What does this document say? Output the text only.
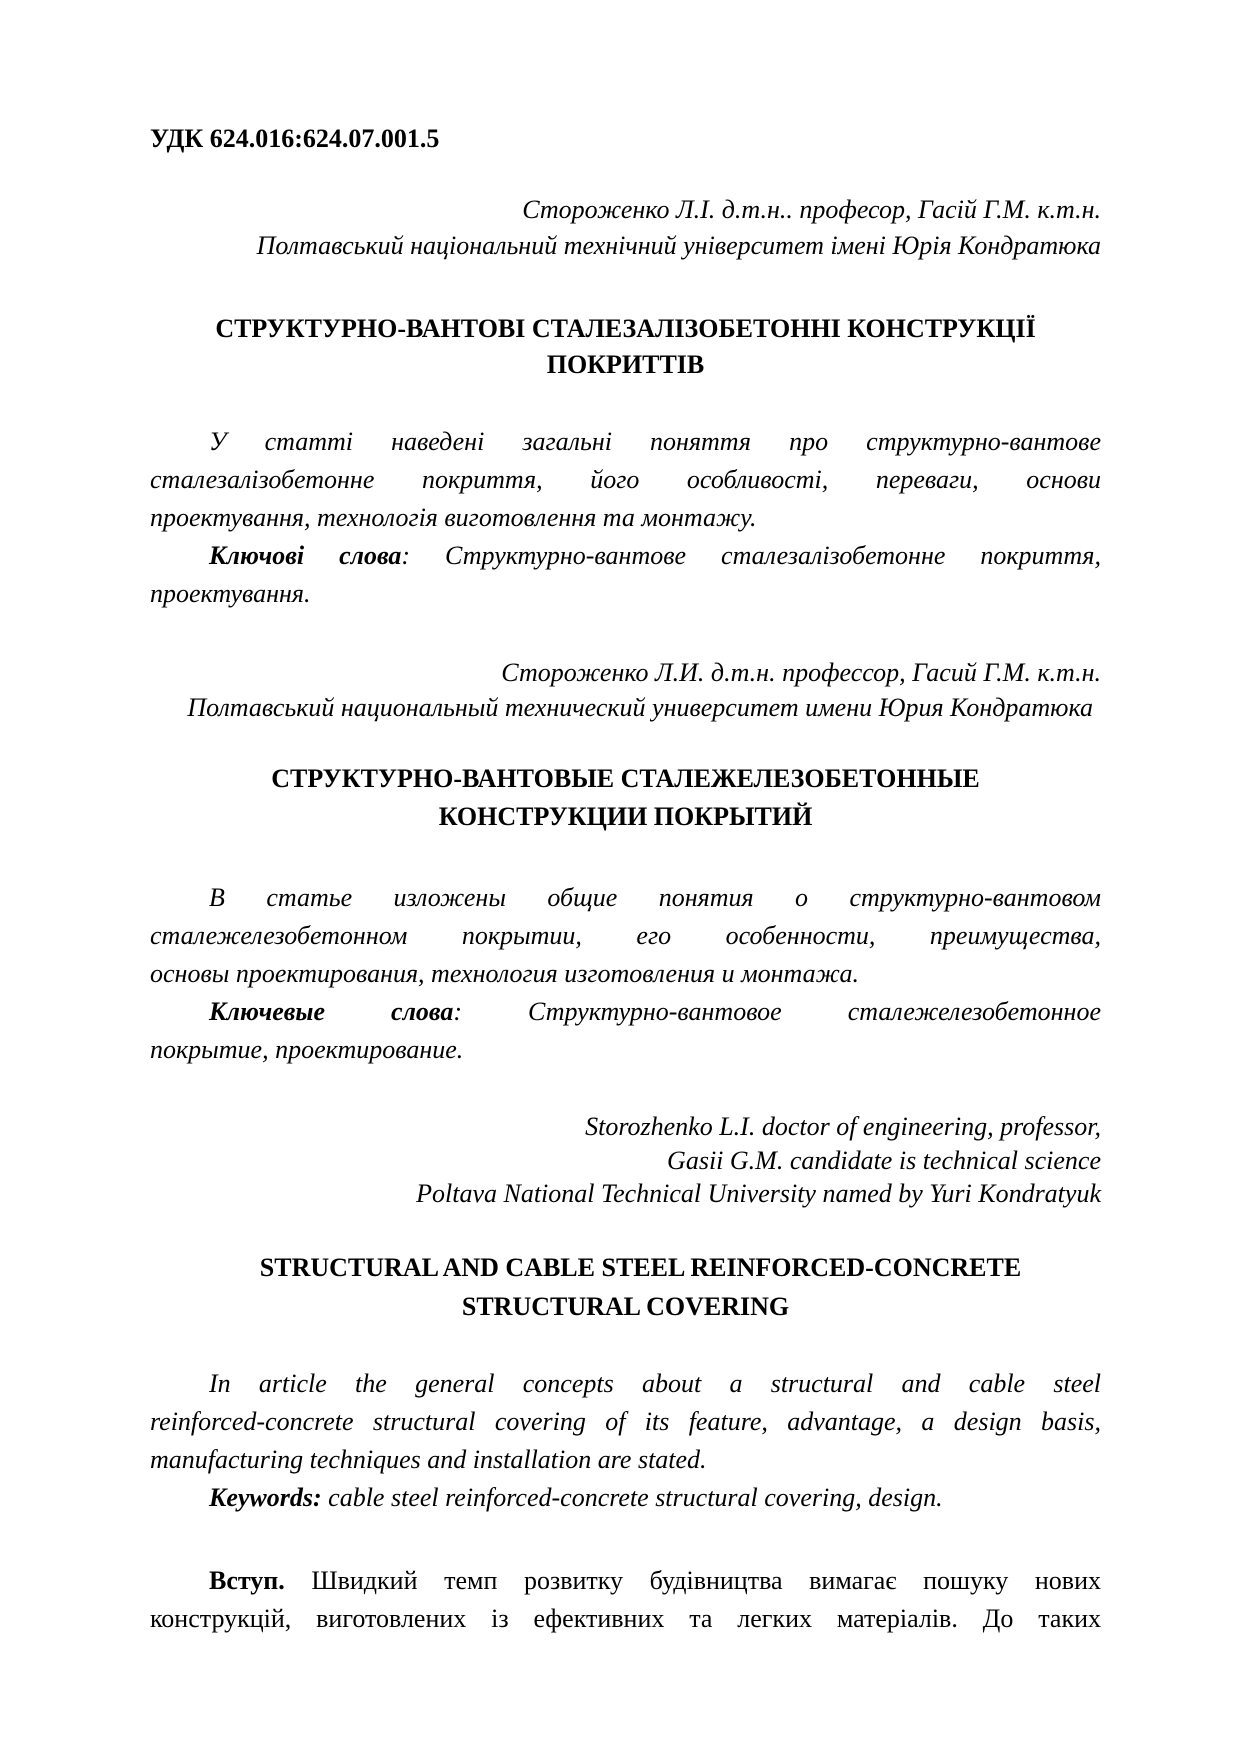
УДК 624.016:624.07.001.5
Стороженко Л.І. д.т.н.. професор, Гасій Г.М. к.т.н.
Полтавський національний технічний університет імені Юрія Кондратюка
СТРУКТУРНО-ВАНТОВІ СТАЛЕЗАЛІЗОБЕТОННІ КОНСТРУКЦІЇ
ПОКРИТТІВ
У статті наведені загальні поняття про структурно-вантове
сталезалізобетонне покриття, його особливості, переваги, основи
проектування, технологія виготовлення та монтажу.
Ключові слова: Структурно-вантове сталезалізобетонне покриття,
проектування.
Стороженко Л.И. д.т.н. профессор, Гасий Г.М. к.т.н.
Полтавський национальный технический университет имени Юрия Кондратюка
СТРУКТУРНО-ВАНТОВЫЕ СТАЛЕЖЕЛЕЗОБЕТОННЫЕ
КОНСТРУКЦИИ ПОКРЫТИЙ
В статье изложены общие понятия о структурно-вантовом
сталежелезобетонном покрытии, его особенности, преимущества,
основы проектирования, технология изготовления и монтажа.
Ключевые слова: Структурно-вантовое сталежелезобетонное
покрытие, проектирование.
Storozhenko L.I. doctor of engineering, professor,
Gasii G.M. candidate is technical science
Poltava National Technical University named by Yuri Kondratyuk
STRUCTURAL AND CABLE STEEL REINFORCED-CONCRETE
STRUCTURAL COVERING
In article the general concepts about a structural and cable steel
reinforced-concrete structural covering of its feature, advantage, a design basis,
manufacturing techniques and installation are stated.
Keywords: cable steel reinforced-concrete structural covering, design.
Вступ. Швидкий темп розвитку будівництва вимагає пошуку нових
конструкцій, виготовлених із ефективних та легких матеріалів. До таких
